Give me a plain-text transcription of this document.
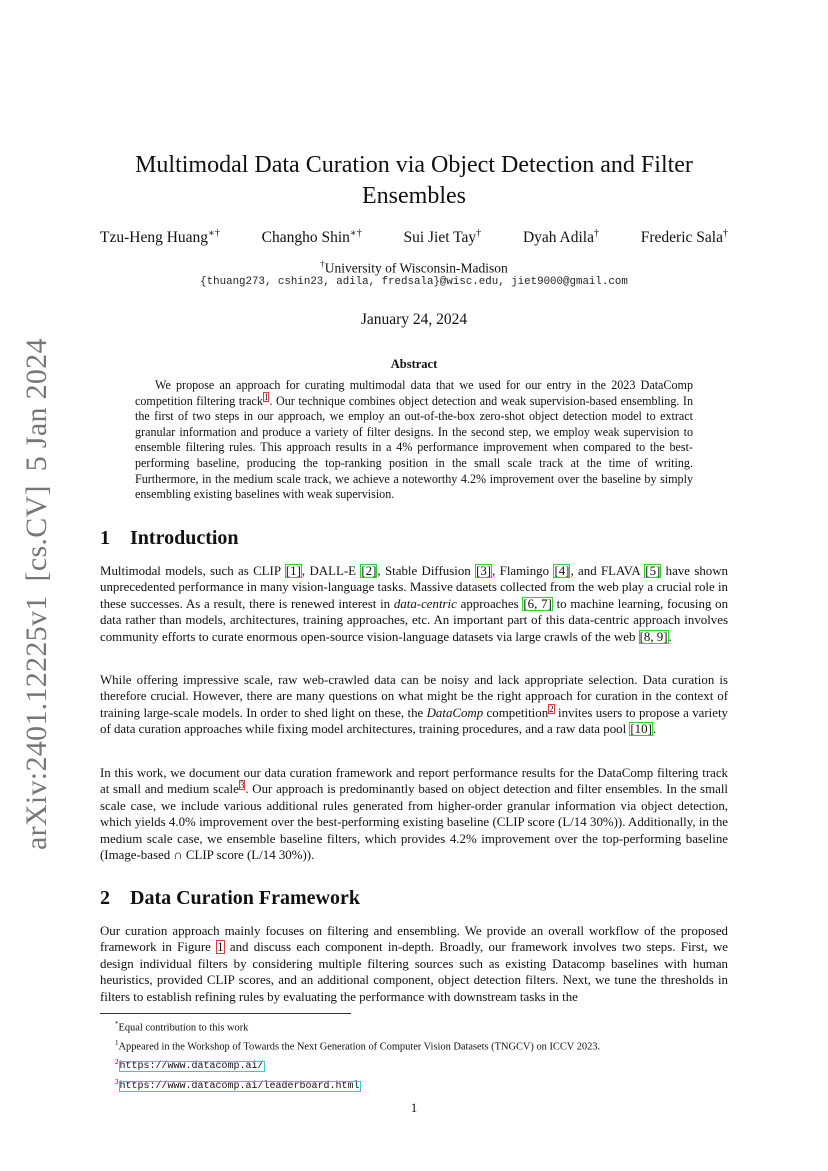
arXiv:2401.12225v1
[cs.CV]
5 Jan 2024
Multimodal Data Curation via Object Detection and Filter
Ensembles
Tzu-Heng Huang∗†	Changho Shin∗†	Sui Jiet Tay†	Dyah Adila†	Frederic Sala†
†University of Wisconsin-Madison
{thuang273, cshin23, adila, fredsala}@wisc.edu, jiet9000@gmail.com
January 24, 2024
Abstract
We propose an approach for curating multimodal data that we used for our entry in the 2023 DataComp competition filtering track$^1$. Our technique combines object detection and weak supervision-based ensembling. In the first of two steps in our approach, we employ an out-of-the-box zero-shot object detection model to extract granular information and produce a variety of filter designs. In the second step, we employ weak supervision to ensemble filtering rules. This approach results in a 4% performance improvement when compared to the best-performing baseline, producing the top-ranking position in the small scale track at the time of writing. Furthermore, in the medium scale track, we achieve a noteworthy 4.2% improvement over the baseline by simply ensembling existing baselines with weak supervision.
1	Introduction
Multimodal models, such as CLIP [1], DALL-E [2], Stable Diffusion [3], Flamingo [4], and FLAVA [5] have shown unprecedented performance in many vision-language tasks. Massive datasets collected from the web play a crucial role in these successes. As a result, there is renewed interest in data-centric approaches [6, 7] to machine learning, focusing on data rather than models, architectures, training approaches, etc. An important part of this data-centric approach involves community efforts to curate enormous open-source vision-language datasets via large crawls of the web [8, 9].
While offering impressive scale, raw web-crawled data can be noisy and lack appropriate selection. Data curation is therefore crucial. However, there are many questions on what might be the right approach for curation in the context of training large-scale models. In order to shed light on these, the DataComp competition$^2$ invites users to propose a variety of data curation approaches while fixing model architectures, training procedures, and a raw data pool [10].
In this work, we document our data curation framework and report performance results for the DataComp filtering track at small and medium scale$^3$. Our approach is predominantly based on object detection and filter ensembles. In the small scale case, we include various additional rules generated from higher-order granular information via object detection, which yields 4.0% improvement over the best-performing existing baseline (CLIP score (L/14 30%)). Additionally, in the medium scale case, we ensemble baseline filters, which provides 4.2% improvement over the top-performing baseline (Image-based ∩ CLIP score (L/14 30%)).
2	Data Curation Framework
Our curation approach mainly focuses on filtering and ensembling. We provide an overall workflow of the proposed framework in Figure 1 and discuss each component in-depth. Broadly, our framework involves two steps. First, we design individual filters by considering multiple filtering sources such as existing Datacomp baselines with human heuristics, provided CLIP scores, and an additional component, object detection filters. Next, we tune the thresholds in filters to establish refining rules by evaluating the performance with downstream tasks in the
*Equal contribution to this work
$^1$Appeared in the Workshop of Towards the Next Generation of Computer Vision Datasets (TNGCV) on ICCV 2023.
$^2$https://www.datacomp.ai/
$^3$https://www.datacomp.ai/leaderboard.html
1
